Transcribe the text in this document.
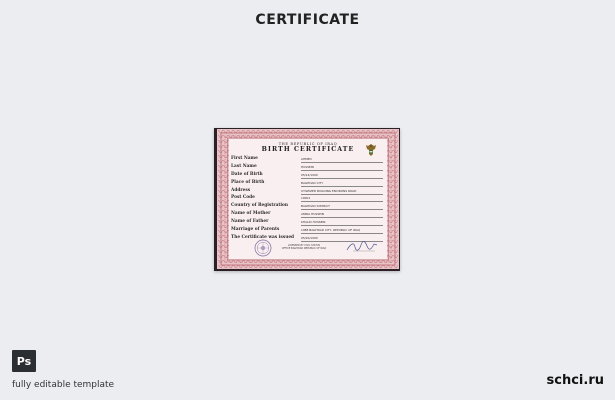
CERTIFICATE
THE REPUBLIC OF IRAQ
BIRTH CERTIFICATE
First Name	AHMED
Last Name	HUSSEIN
Date of Birth	05/14/1990
Place of Birth	BAGHDAD CITY
Address	UTILEIZED BUILDING ENVIRONS ROAD
Post Code	10001
Country of Registration	BAGHDAD DISTRICT
Name of Mother	AMIRA HUSSEIN
Name of Father	KHALID HUSSEIN
Marriage of Parents	1988 BAGHDAD CITY, REPUBLIC OF IRAQ
The Certificate was issued 05/20/1990
LICENSED BY CIVIL STATUS
OFFICE BAGHDAD REPUBLIC OF IRAQ
Ps
fully editable template	schci.ru
